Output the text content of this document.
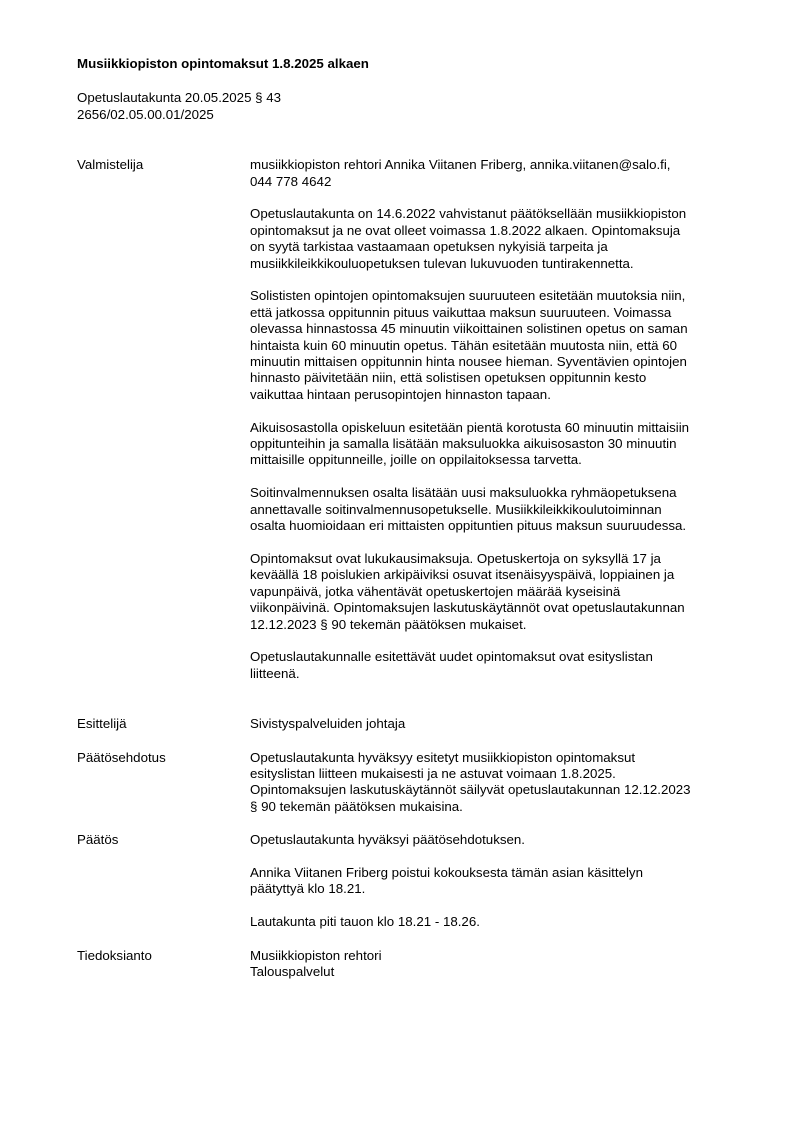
Musiikkiopiston opintomaksut 1.8.2025 alkaen
Opetuslautakunta 20.05.2025 § 43
2656/02.05.00.01/2025
Valmistelija	musiikkiopiston rehtori Annika Viitanen Friberg, annika.viitanen@salo.fi,
044 778 4642

Opetuslautakunta on 14.6.2022 vahvistanut päätöksellään musiikkiopiston
opintomaksut ja ne ovat olleet voimassa 1.8.2022 alkaen. Opintomaksuja
on syytä tarkistaa vastaamaan opetuksen nykyisiä tarpeita ja
musiikkileikkikouluopetuksen tulevan lukuvuoden tuntirakennetta.

Solististen opintojen opintomaksujen suuruuteen esitetään muutoksia niin,
että jatkossa oppitunnin pituus vaikuttaa maksun suuruuteen. Voimassa
olevassa hinnastossa 45 minuutin viikoittainen solistinen opetus on saman
hintaista kuin 60 minuutin opetus. Tähän esitetään muutosta niin, että 60
minuutin mittaisen oppitunnin hinta nousee hieman. Syventävien opintojen
hinnasto päivitetään niin, että solistisen opetuksen oppitunnin kesto
vaikuttaa hintaan perusopintojen hinnaston tapaan.

Aikuisosastolla opiskeluun esitetään pientä korotusta 60 minuutin mittaisiin
oppitunteihin ja samalla lisätään maksuluokka aikuisosaston 30 minuutin
mittaisille oppitunneille, joille on oppilaitoksessa tarvetta.

Soitinvalmennuksen osalta lisätään uusi maksuluokka ryhmäopetuksena
annettavalle soitinvalmennusopetukselle. Musiikkileikkikoulutoiminnan
osalta huomioidaan eri mittaisten oppituntien pituus maksun suuruudessa.

Opintomaksut ovat lukukausimaksuja. Opetuskertoja on syksyllä 17 ja
keväällä 18 poislukien arkipäiviksi osuvat itsenäisyyspäivä, loppiainen ja
vapunpäivä, jotka vähentävät opetuskertojen määrää kyseisinä
viikonpäivinä. Opintomaksujen laskutuskäytännöt ovat opetuslautakunnan
12.12.2023 § 90 tekemän päätöksen mukaiset.

Opetuslautakunnalle esitettävät uudet opintomaksut ovat esityslistan
liitteenä.

Esittelijä	Sivistyspalveluiden johtaja

Päätösehdotus	Opetuslautakunta hyväksyy esitetyt musiikkiopiston opintomaksut
esityslistan liitteen mukaisesti ja ne astuvat voimaan 1.8.2025.
Opintomaksujen laskutuskäytännöt säilyvät opetuslautakunnan 12.12.2023
§ 90 tekemän päätöksen mukaisina.

Päätös	Opetuslautakunta hyväksyi päätösehdotuksen.

Annika Viitanen Friberg poistui kokouksesta tämän asian käsittelyn
päätyttyä klo 18.21.

Lautakunta piti tauon klo 18.21 - 18.26.

Tiedoksianto	Musiikkiopiston rehtori
Talouspalvelut
